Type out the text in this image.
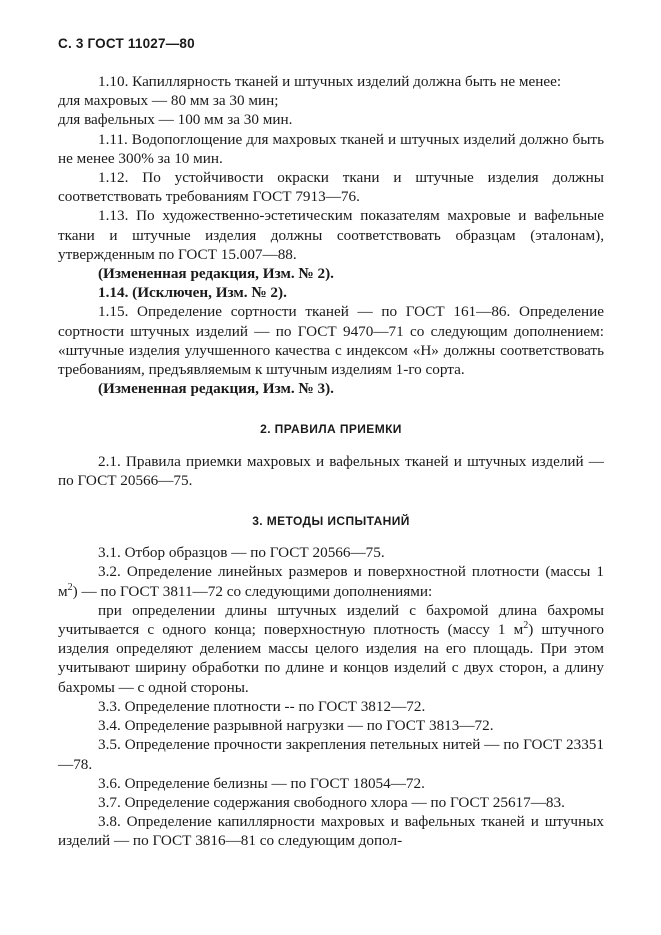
С. 3 ГОСТ 11027—80

1.10. Капиллярность тканей и штучных изделий должна быть не менее:

для махровых — 80 мм за 30 мин;

для вафельных — 100 мм за 30 мин.

1.11. Водопоглощение для махровых тканей и штучных изделий должно быть не менее 300% за 10 мин.

1.12. По устойчивости окраски ткани и штучные изделия должны соответствовать требованиям ГОСТ 7913—76.

1.13. По художественно-эстетическим показателям махровые и вафельные ткани и штучные изделия должны соответствовать образцам (эталонам), утвержденным по ГОСТ 15.007—88.

(Измененная редакция, Изм. № 2).

1.14. (Исключен, Изм. № 2).

1.15. Определение сортности тканей — по ГОСТ 161—86. Определение сортности штучных изделий — по ГОСТ 9470—71 со следующим дополнением: «штучные изделия улучшенного качества с индексом «Н» должны соответствовать требованиям, предъявляемым к штучным изделиям 1-го сорта.

(Измененная редакция, Изм. № 3).

2. ПРАВИЛА ПРИЕМКИ

2.1. Правила приемки махровых и вафельных тканей и штучных изделий — по ГОСТ 20566—75.

3. МЕТОДЫ ИСПЫТАНИЙ

3.1. Отбор образцов — по ГОСТ 20566—75.

3.2. Определение линейных размеров и поверхностной плотности (массы 1 $м^2$) — по ГОСТ 3811—72 со следующими дополнениями:

при определении длины штучных изделий с бахромой длина бахромы учитывается с одного конца; поверхностную плотность (массу 1 $м^2$) штучного изделия определяют делением массы целого изделия на его площадь. При этом учитывают ширину обработки по длине и концов изделий с двух сторон, а длину бахромы — с одной стороны.

3.3. Определение плотности -- по ГОСТ 3812—72.

3.4. Определение разрывной нагрузки — по ГОСТ 3813—72.

3.5. Определение прочности закрепления петельных нитей — по ГОСТ 23351—78.

3.6. Определение белизны — по ГОСТ 18054—72.

3.7. Определение содержания свободного хлора — по ГОСТ 25617—83.

3.8. Определение капиллярности махровых и вафельных тканей и штучных изделий — по ГОСТ 3816—81 со следующим допол-
